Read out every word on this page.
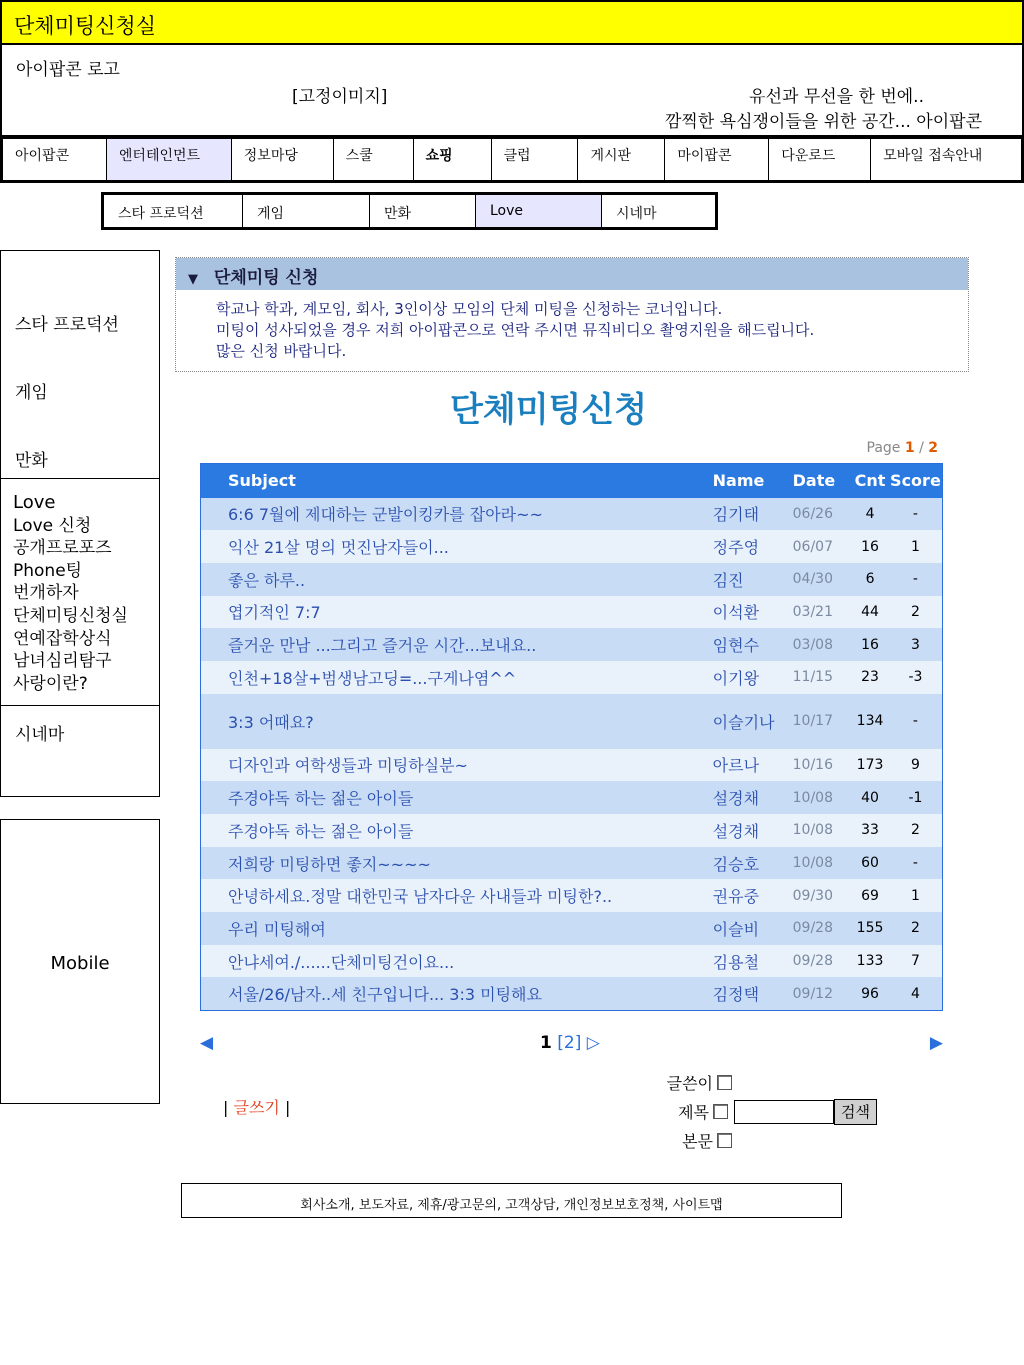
단체미팅신청실
아이팝콘 로고
[고정이미지]	유선과 무선을 한 번에..
깜찍한 욕심쟁이들을 위한 공간... 아이팝콘
아이팝콘	엔터테인먼트	정보마당	스쿨	쇼핑	클럽	게시판	마이팝콘	다운로드	모바일 접속안내
스타 프로덕션	게임	만화	Love	시네마
스타 프로덕션
게임
만화
Love
Love 신청
공개프로포즈
Phone팅
번개하자
단체미팅신청실
연예잡학상식
남녀심리탐구
사랑이란?
시네마
Mobile
▼ 단체미팅 신청
학교나 학과, 계모임, 회사, 3인이상 모임의 단체 미팅을 신청하는 코너입니다.
미팅이 성사되었을 경우 저희 아이팝콘으로 연락 주시면 뮤직비디오 촬영지원을 해드립니다.
많은 신청 바랍니다.
단체미팅신청
Page 1 / 2
Subject	Name	Date	Cnt	Score
6:6 7월에 제대하는 군발이킹카를 잡아라~~	김기태	06/26	4	-
익산 21살 명의 멋진남자들이...	정주영	06/07	16	1
좋은 하루..	김진	04/30	6	-
엽기적인 7:7	이석환	03/21	44	2
즐거운 만남 ...그리고 즐거운 시간...보내요..	임현수	03/08	16	3
인천+18살+범생남고딩=...구게나염^^	이기왕	11/15	23	-3
3:3 어때요?	이슬기나	10/17	134	-
디자인과 여학생들과 미팅하실분~	아르나	10/16	173	9
주경야독 하는 젊은 아이들	설경채	10/08	40	-1
주경야독 하는 젊은 아이들	설경채	10/08	33	2
저희랑 미팅하면 좋지~~~~	김승호	10/08	60	-
안녕하세요.정말 대한민국 남자다운 사내들과 미팅한?..	권유중	09/30	69	1
우리 미팅해여	이슬비	09/28	155	2
안냐세여./......단체미팅건이요...	김용철	09/28	133	7
서울/26/남자..세 친구입니다... 3:3 미팅해요	김정택	09/12	96	4
◀	1 [2] ▷	▶
| 글쓰기 |
글쓴이
제목	검색
본문
회사소개, 보도자료, 제휴/광고문의, 고객상담, 개인정보보호정책, 사이트맵
